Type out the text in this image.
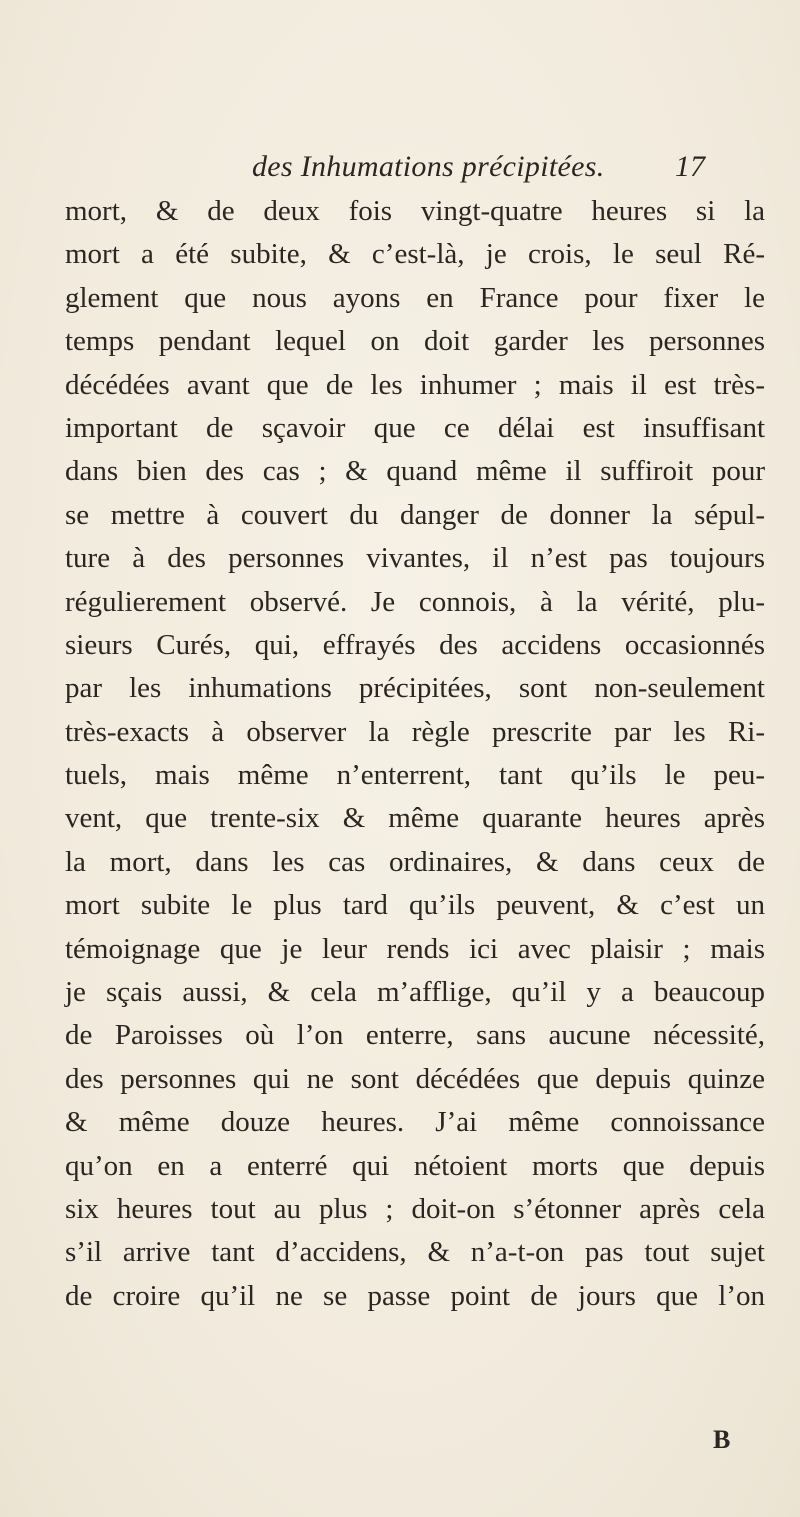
des Inhumations précipitées. 17
mort, & de deux fois vingt-quatre heures si la
mort a été subite, & c’est-là, je crois, le seul Ré-
glement que nous ayons en France pour fixer le
temps pendant lequel on doit garder les personnes
décédées avant que de les inhumer ; mais il est très-
important de sçavoir que ce délai est insuffisant
dans bien des cas ; & quand même il suffiroit pour
se mettre à couvert du danger de donner la sépul-
ture à des personnes vivantes, il n’est pas toujours
régulierement observé. Je connois, à la vérité, plu-
sieurs Curés, qui, effrayés des accidens occasionnés
par les inhumations précipitées, sont non-seulement
très-exacts à observer la règle prescrite par les Ri-
tuels, mais même n’enterrent, tant qu’ils le peu-
vent, que trente-six & même quarante heures après
la mort, dans les cas ordinaires, & dans ceux de
mort subite le plus tard qu’ils peuvent, & c’est un
témoignage que je leur rends ici avec plaisir ; mais
je sçais aussi, & cela m’afflige, qu’il y a beaucoup
de Paroisses où l’on enterre, sans aucune nécessité,
des personnes qui ne sont décédées que depuis quinze
& même douze heures. J’ai même connoissance
qu’on en a enterré qui nétoient morts que depuis
six heures tout au plus ; doit-on s’étonner après cela
s’il arrive tant d’accidens, & n’a-t-on pas tout sujet
de croire qu’il ne se passe point de jours que l’on
B
